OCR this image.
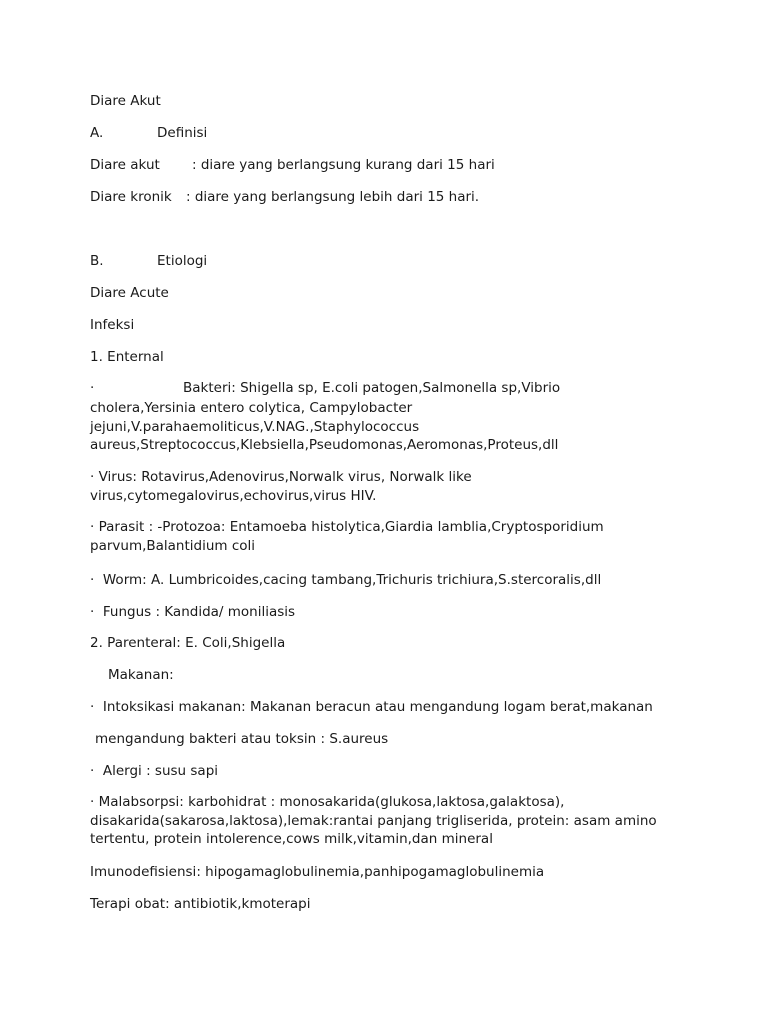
Diare Akut
A.	Definisi
Diare akut : diare yang berlangsung kurang dari 15 hari
Diare kronik : diare yang berlangsung lebih dari 15 hari.
B.	Etiologi
Diare Acute
Infeksi
1. Enternal
·	Bakteri: Shigella sp, E.coli patogen,Salmonella sp,Vibrio
cholera,Yersinia entero colytica, Campylobacter jejuni,V.parahaemoliticus,V.NAG.,Staphylococcus aureus,Streptococcus,Klebsiella,Pseudomonas,Aeromonas,Proteus,dll
· Virus: Rotavirus,Adenovirus,Norwalk virus, Norwalk like virus,cytomegalovirus,echovirus,virus HIV.
· Parasit : -Protozoa: Entamoeba histolytica,Giardia lamblia,Cryptosporidium parvum,Balantidium coli
·  Worm: A. Lumbricoides,cacing tambang,Trichuris trichiura,S.stercoralis,dll
·  Fungus : Kandida/ moniliasis
2. Parenteral: E. Coli,Shigella
Makanan:
·  Intoksikasi makanan: Makanan beracun atau mengandung logam berat,makanan
mengandung bakteri atau toksin : S.aureus
·  Alergi : susu sapi
· Malabsorpsi: karbohidrat : monosakarida(glukosa,laktosa,galaktosa), disakarida(sakarosa,laktosa),lemak:rantai panjang trigliserida, protein: asam amino tertentu, protein intolerence,cows milk,vitamin,dan mineral
Imunodefisiensi: hipogamaglobulinemia,panhipogamaglobulinemia
Terapi obat: antibiotik,kmoterapi
